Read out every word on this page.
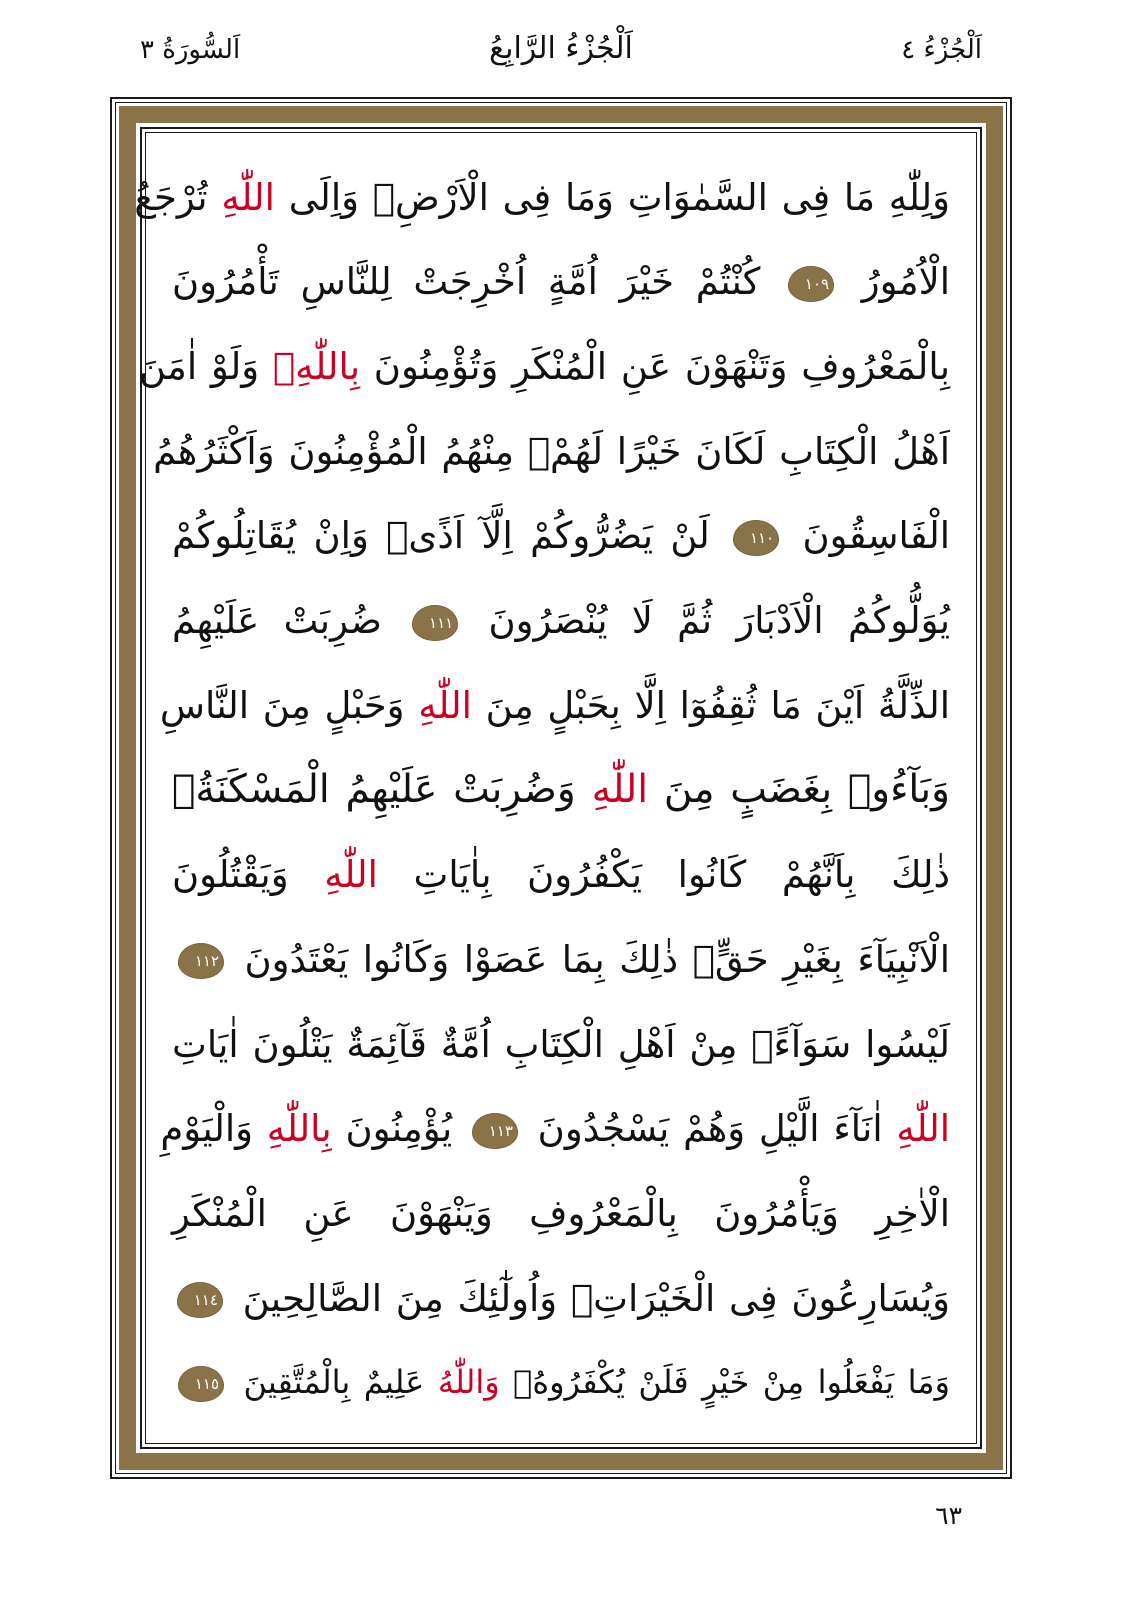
اَلسُّورَةُ ٣	اَلْجُزْءُ الرَّابِعُ	اَلْجُزْءُ ٤
وَلِلّٰهِ مَا فِى السَّمٰوَاتِ وَمَا فِى الْاَرْضِۗ وَاِلَى اللّٰهِ تُرْجَعُ
الْاُمُورُ ١٠٩ كُنْتُمْ خَيْرَ اُمَّةٍ اُخْرِجَتْ لِلنَّاسِ تَأْمُرُونَ
بِالْمَعْرُوفِ وَتَنْهَوْنَ عَنِ الْمُنْكَرِ وَتُؤْمِنُونَ بِاللّٰهِۗ وَلَوْ اٰمَنَ
اَهْلُ الْكِتَابِ لَكَانَ خَيْرًا لَهُمْۗ مِنْهُمُ الْمُؤْمِنُونَ وَاَكْثَرُهُمُ
الْفَاسِقُونَ ١١٠ لَنْ يَضُرُّوكُمْ اِلَّآ اَذًىۗ وَاِنْ يُقَاتِلُوكُمْ
يُوَلُّوكُمُ الْاَدْبَارَ ثُمَّ لَا يُنْصَرُونَ ١١١ ضُرِبَتْ عَلَيْهِمُ
الذِّلَّةُ اَيْنَ مَا ثُقِفُوٓا اِلَّا بِحَبْلٍ مِنَ اللّٰهِ وَحَبْلٍ مِنَ النَّاسِ
وَبَآءُوۡ بِغَضَبٍ مِنَ اللّٰهِ وَضُرِبَتْ عَلَيْهِمُ الْمَسْكَنَةُۗ
ذٰلِكَ بِاَنَّهُمْ كَانُوا يَكْفُرُونَ بِاٰيَاتِ اللّٰهِ وَيَقْتُلُونَ
الْاَنْبِيَآءَ بِغَيْرِ حَقٍّۗ ذٰلِكَ بِمَا عَصَوْا وَكَانُوا يَعْتَدُونَ ١١٢
لَيْسُوا سَوَآءًۗ مِنْ اَهْلِ الْكِتَابِ اُمَّةٌ قَآئِمَةٌ يَتْلُونَ اٰيَاتِ
اللّٰهِ اٰنَآءَ الَّيْلِ وَهُمْ يَسْجُدُونَ ١١٣ يُؤْمِنُونَ بِاللّٰهِ وَالْيَوْمِ
الْاٰخِرِ وَيَأْمُرُونَ بِالْمَعْرُوفِ وَيَنْهَوْنَ عَنِ الْمُنْكَرِ
وَيُسَارِعُونَ فِى الْخَيْرَاتِۗ وَاُولٰٓئِكَ مِنَ الصَّالِحِينَ ١١٤
وَمَا يَفْعَلُوا مِنْ خَيْرٍ فَلَنْ يُكْفَرُوهُۗ وَاللّٰهُ عَلِيمٌ بِالْمُتَّقِينَ ١١٥
٦٣
